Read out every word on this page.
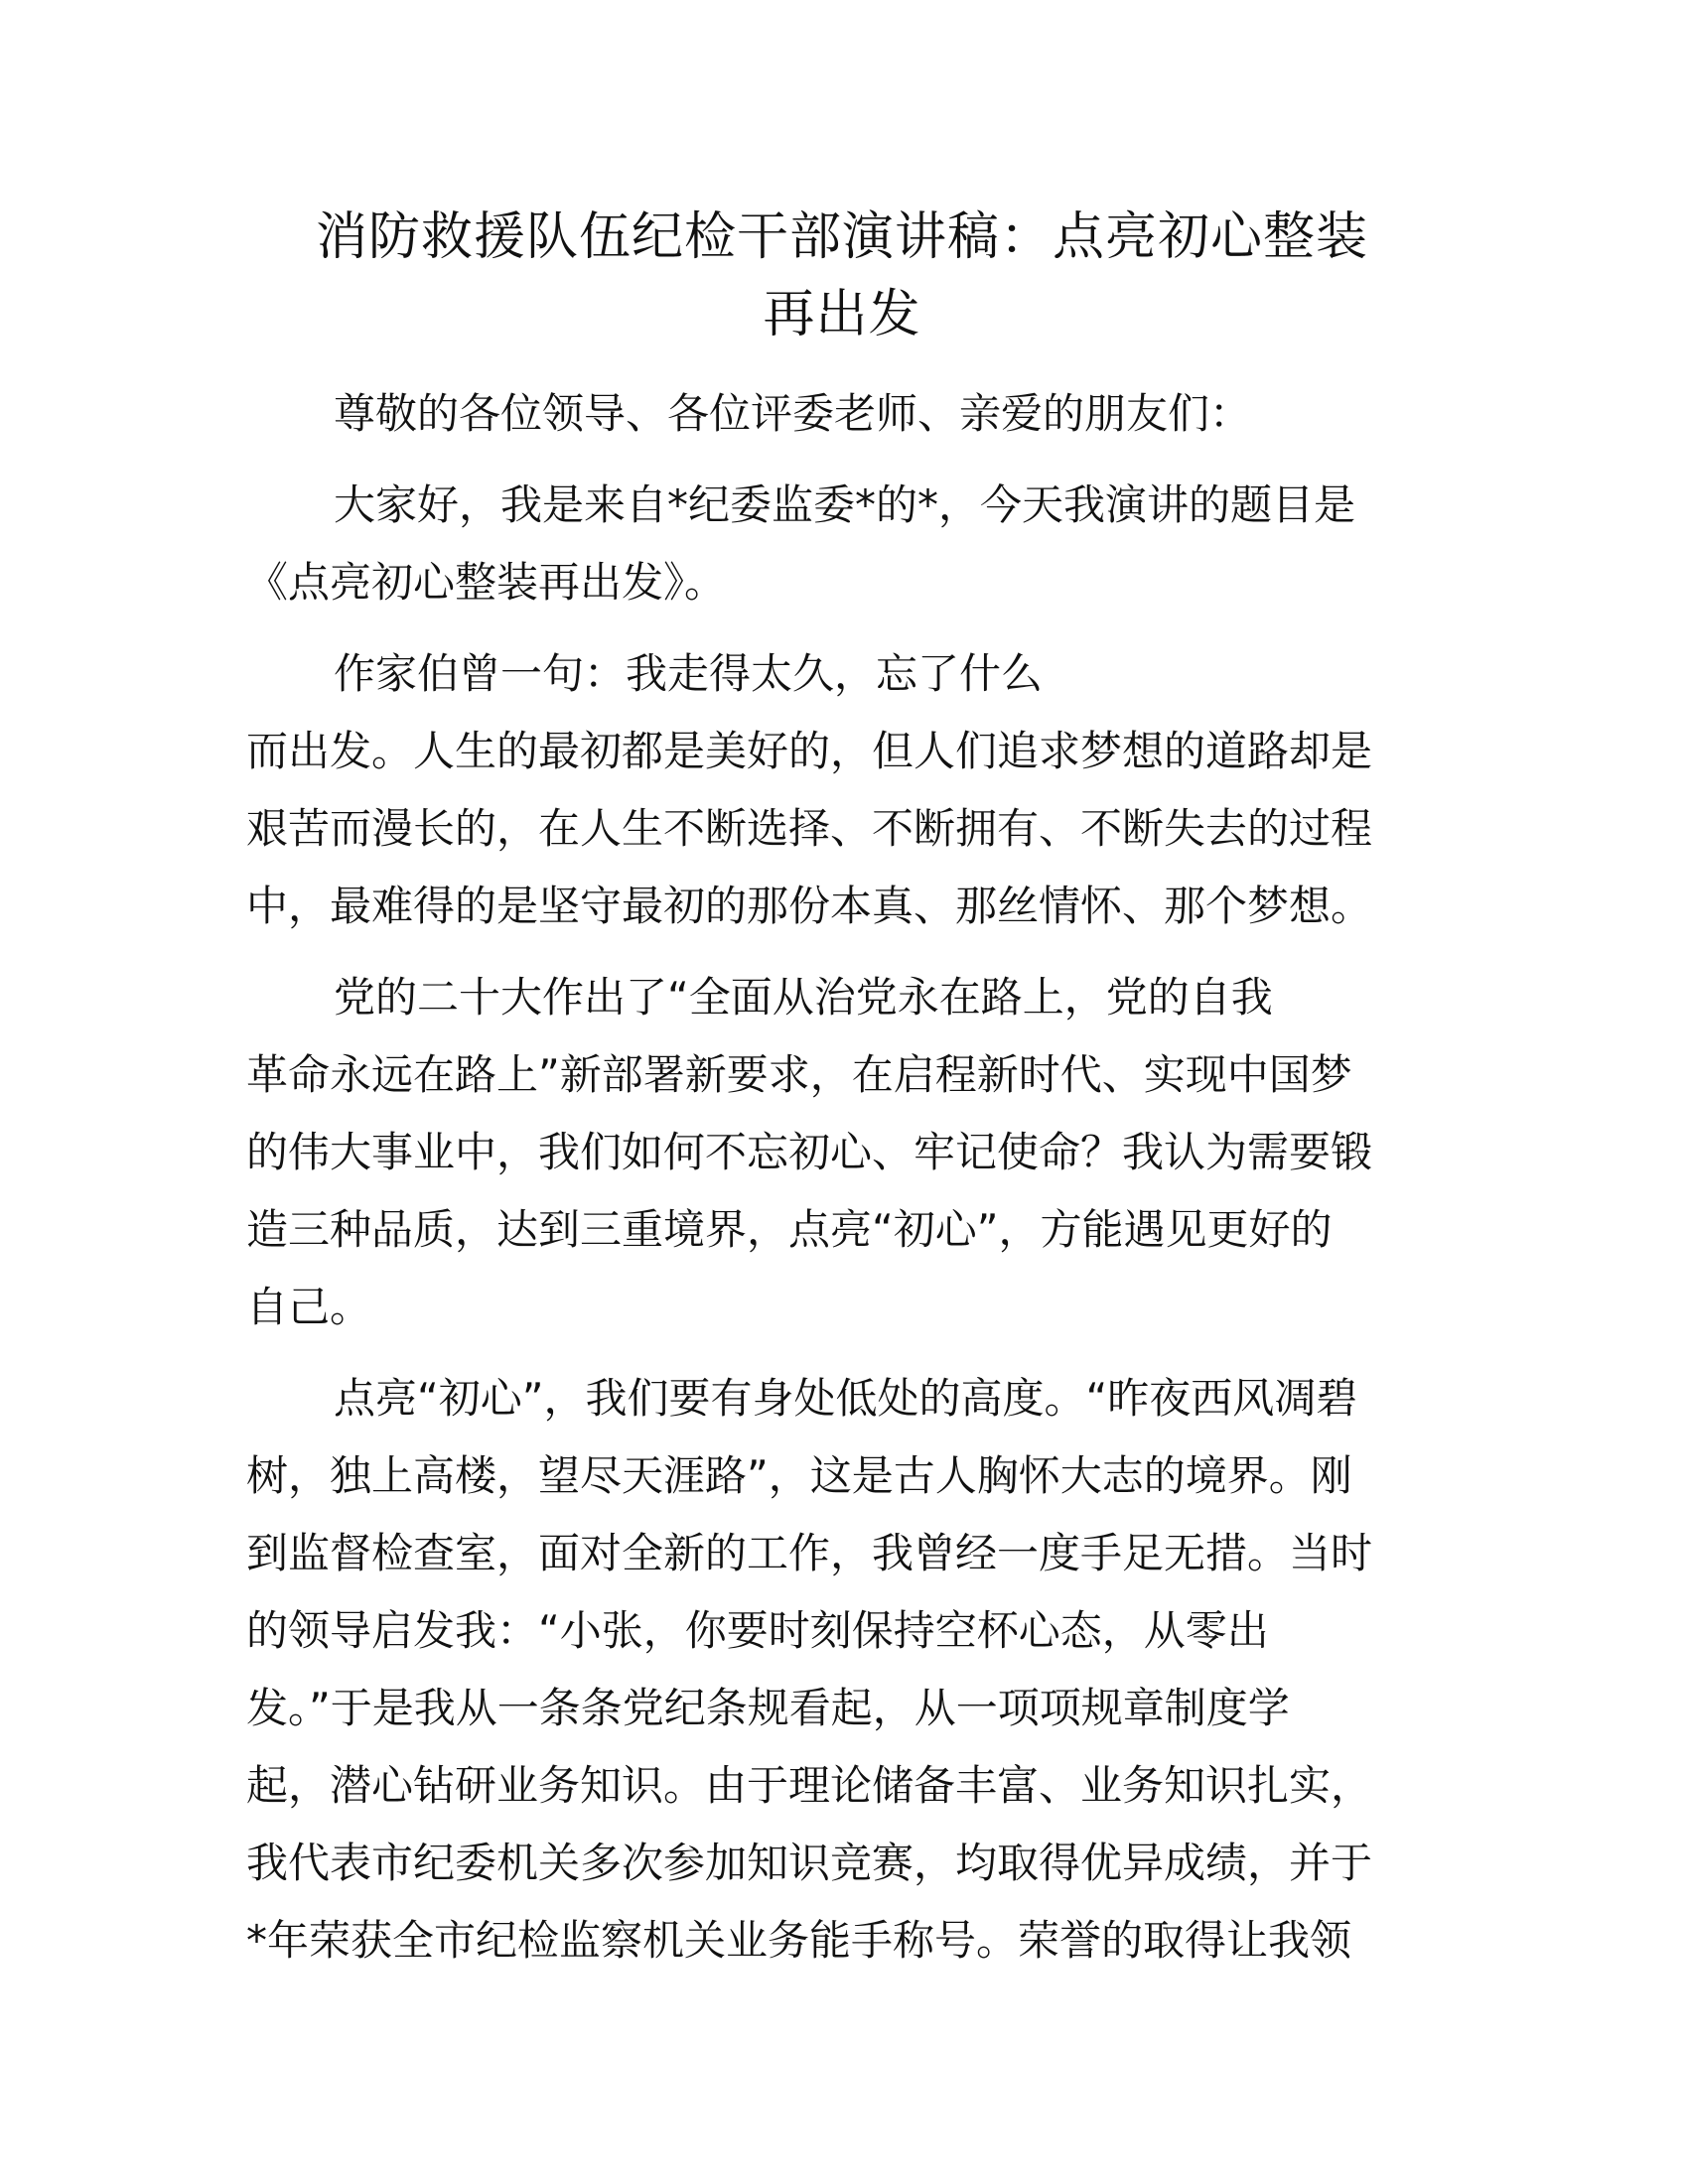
消防救援队伍纪检干部演讲稿：点亮初心整装
再出发

尊敬的各位领导、各位评委老师、亲爱的朋友们：

大家好，我是来自*纪委监委*的*，今天我演讲的题目是
《点亮初心整装再出发》。

作家伯曾一句：我走得太久，忘了什么
而出发。人生的最初都是美好的，但人们追求梦想的道路却是
艰苦而漫长的，在人生不断选择、不断拥有、不断失去的过程
中，最难得的是坚守最初的那份本真、那丝情怀、那个梦想。

党的二十大作出了“全面从治党永在路上，党的自我
革命永远在路上”新部署新要求，在启程新时代、实现中国梦
的伟大事业中，我们如何不忘初心、牢记使命？我认为需要锻
造三种品质，达到三重境界，点亮“初心”，方能遇见更好的
自己。

点亮“初心”，我们要有身处低处的高度。“昨夜西风凋碧
树，独上高楼，望尽天涯路”，这是古人胸怀大志的境界。刚
到监督检查室，面对全新的工作，我曾经一度手足无措。当时
的领导启发我：“小张，你要时刻保持空杯心态，从零出
发。”于是我从一条条党纪条规看起，从一项项规章制度学
起，潜心钻研业务知识。由于理论储备丰富、业务知识扎实，
我代表市纪委机关多次参加知识竞赛，均取得优异成绩，并于
*年荣获全市纪检监察机关业务能手称号。荣誉的取得让我领
